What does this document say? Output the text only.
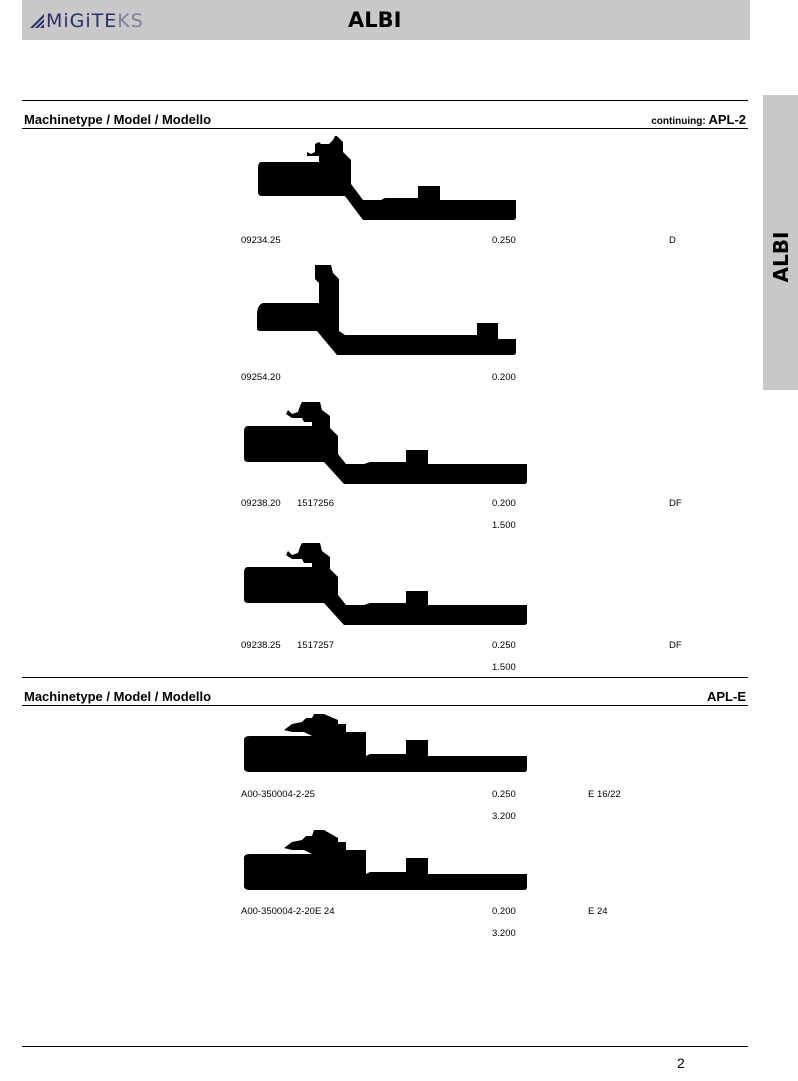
MiGiTEKS	ALBI
ALBI
Machinetype / Model / Modello	continuing: APL-2
09234.25	0.250	D
09254.20	0.200
09238.20 1517256	0.200	DF
1.500
09238.25 1517257	0.250	DF
1.500
Machinetype / Model / Modello	APL-E
A00-350004-2-25	0.250	E 16/22
3.200
A00-350004-2-20E 24	0.200	E 24
3.200
2
